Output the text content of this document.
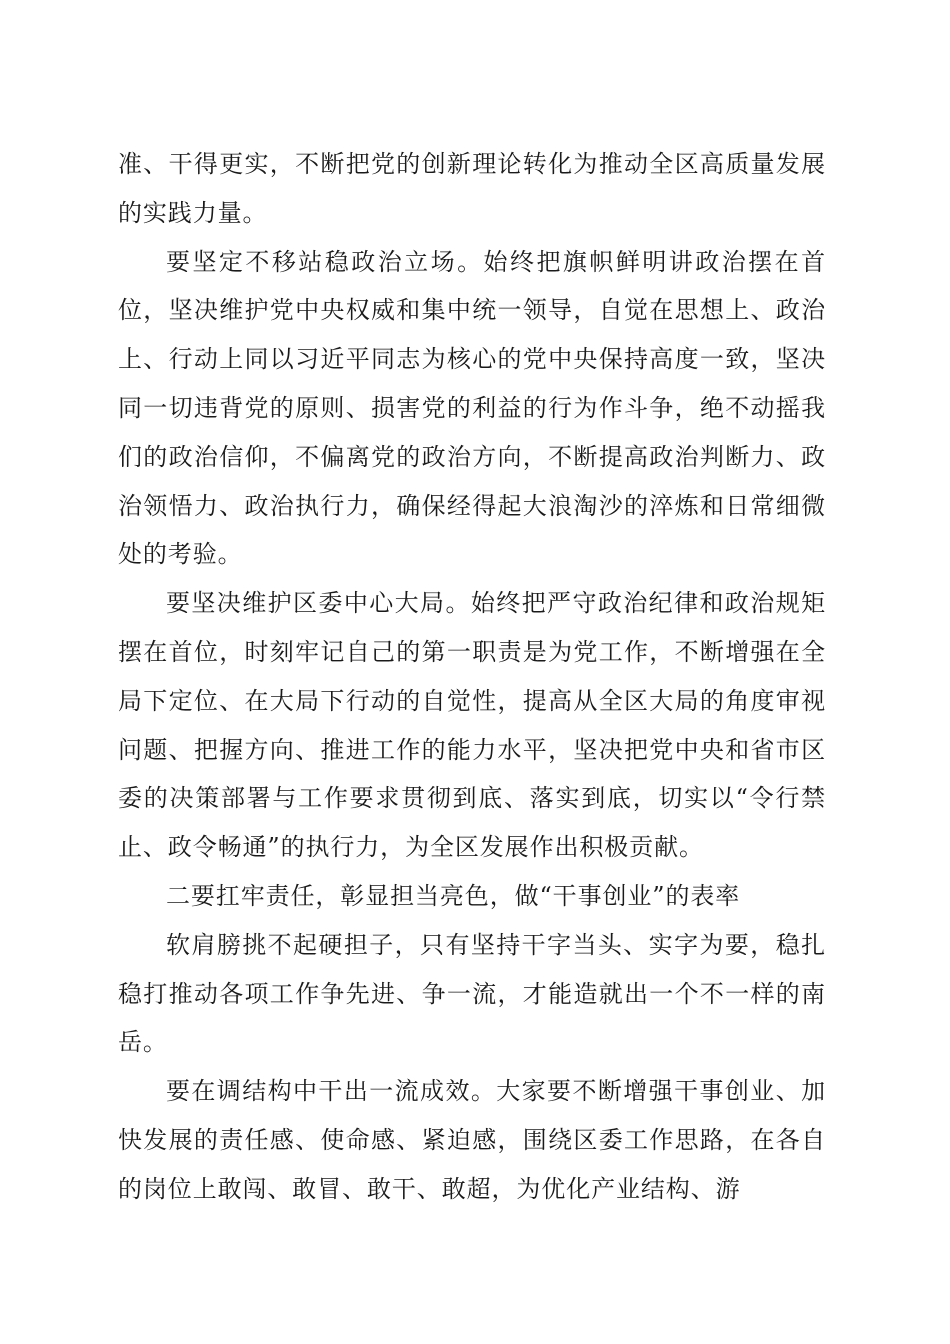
准、干得更实，不断把党的创新理论转化为推动全区高质量发展的实践力量。

要坚定不移站稳政治立场。始终把旗帜鲜明讲政治摆在首位，坚决维护党中央权威和集中统一领导，自觉在思想上、政治上、行动上同以习近平同志为核心的党中央保持高度一致，坚决同一切违背党的原则、损害党的利益的行为作斗争，绝不动摇我们的政治信仰，不偏离党的政治方向，不断提高政治判断力、政治领悟力、政治执行力，确保经得起大浪淘沙的淬炼和日常细微处的考验。

要坚决维护区委中心大局。始终把严守政治纪律和政治规矩摆在首位，时刻牢记自己的第一职责是为党工作，不断增强在全局下定位、在大局下行动的自觉性，提高从全区大局的角度审视问题、把握方向、推进工作的能力水平，坚决把党中央和省市区委的决策部署与工作要求贯彻到底、落实到底，切实以“令行禁止、政令畅通”的执行力，为全区发展作出积极贡献。

二要扛牢责任，彰显担当亮色，做“干事创业”的表率

软肩膀挑不起硬担子，只有坚持干字当头、实字为要，稳扎稳打推动各项工作争先进、争一流，才能造就出一个不一样的南岳。

要在调结构中干出一流成效。大家要不断增强干事创业、加快发展的责任感、使命感、紧迫感，围绕区委工作思路，在各自的岗位上敢闯、敢冒、敢干、敢超，为优化产业结构、游
